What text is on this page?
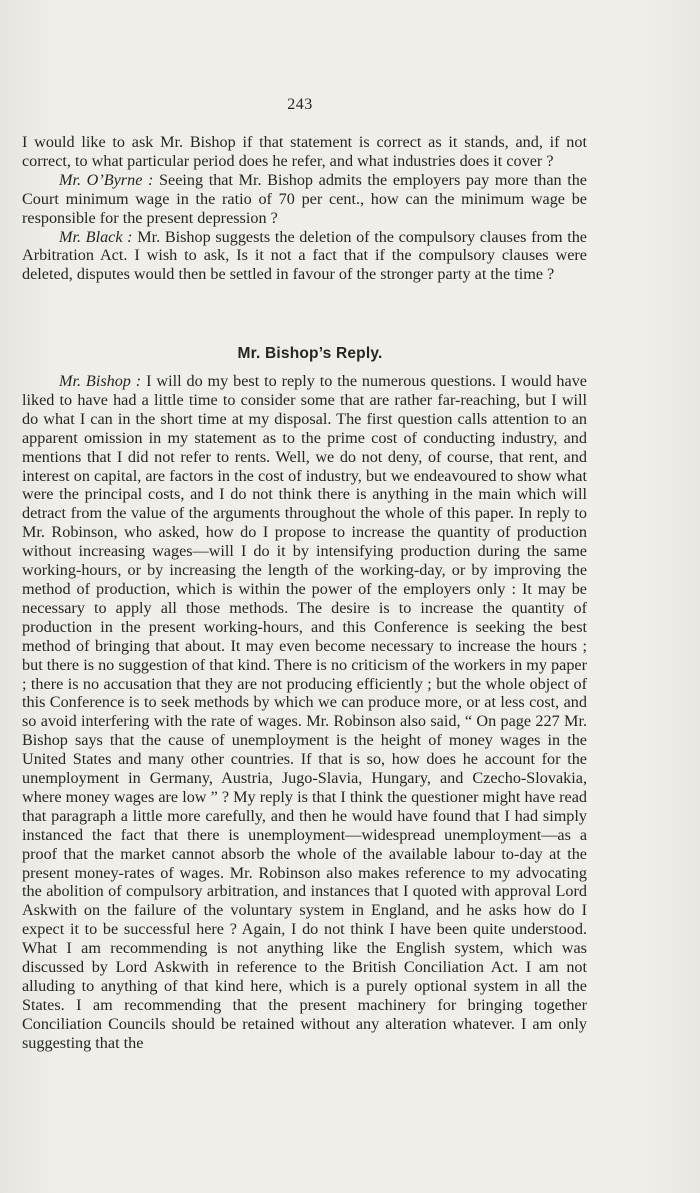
243

I would like to ask Mr. Bishop if that statement is correct as it stands, and, if not correct, to what particular period does he refer, and what industries does it cover ?

Mr. O’Byrne : Seeing that Mr. Bishop admits the employers pay more than the Court minimum wage in the ratio of 70 per cent., how can the minimum wage be responsible for the present depression ?

Mr. Black : Mr. Bishop suggests the deletion of the compulsory clauses from the Arbitration Act. I wish to ask, Is it not a fact that if the compulsory clauses were deleted, disputes would then be settled in favour of the stronger party at the time ?

Mr. Bishop’s Reply.

Mr. Bishop : I will do my best to reply to the numerous questions. I would have liked to have had a little time to consider some that are rather far-reaching, but I will do what I can in the short time at my disposal. The first question calls attention to an apparent omission in my statement as to the prime cost of conducting industry, and mentions that I did not refer to rents. Well, we do not deny, of course, that rent, and interest on capital, are factors in the cost of industry, but we endeavoured to show what were the principal costs, and I do not think there is anything in the main which will detract from the value of the arguments throughout the whole of this paper. In reply to Mr. Robinson, who asked, how do I propose to increase the quantity of production without increasing wages—will I do it by intensifying production during the same working-hours, or by increasing the length of the working-day, or by improving the method of production, which is within the power of the employers only : It may be necessary to apply all those methods. The desire is to increase the quantity of production in the present working-hours, and this Conference is seeking the best method of bringing that about. It may even become necessary to increase the hours ; but there is no suggestion of that kind. There is no criticism of the workers in my paper ; there is no accusation that they are not producing efficiently ; but the whole object of this Conference is to seek methods by which we can produce more, or at less cost, and so avoid interfering with the rate of wages. Mr. Robinson also said, “ On page 227 Mr. Bishop says that the cause of unemployment is the height of money wages in the United States and many other countries. If that is so, how does he account for the unemployment in Germany, Austria, Jugo-Slavia, Hungary, and Czecho-Slovakia, where money wages are low ” ? My reply is that I think the questioner might have read that paragraph a little more carefully, and then he would have found that I had simply instanced the fact that there is unemployment—widespread unemployment—as a proof that the market cannot absorb the whole of the available labour to-day at the present money-rates of wages. Mr. Robinson also makes reference to my advocating the abolition of compulsory arbitration, and instances that I quoted with approval Lord Askwith on the failure of the voluntary system in England, and he asks how do I expect it to be successful here ? Again, I do not think I have been quite understood. What I am recommending is not anything like the English system, which was discussed by Lord Askwith in reference to the British Conciliation Act. I am not alluding to anything of that kind here, which is a purely optional system in all the States. I am recommending that the present machinery for bringing together Conciliation Councils should be retained without any alteration whatever. I am only suggesting that the
